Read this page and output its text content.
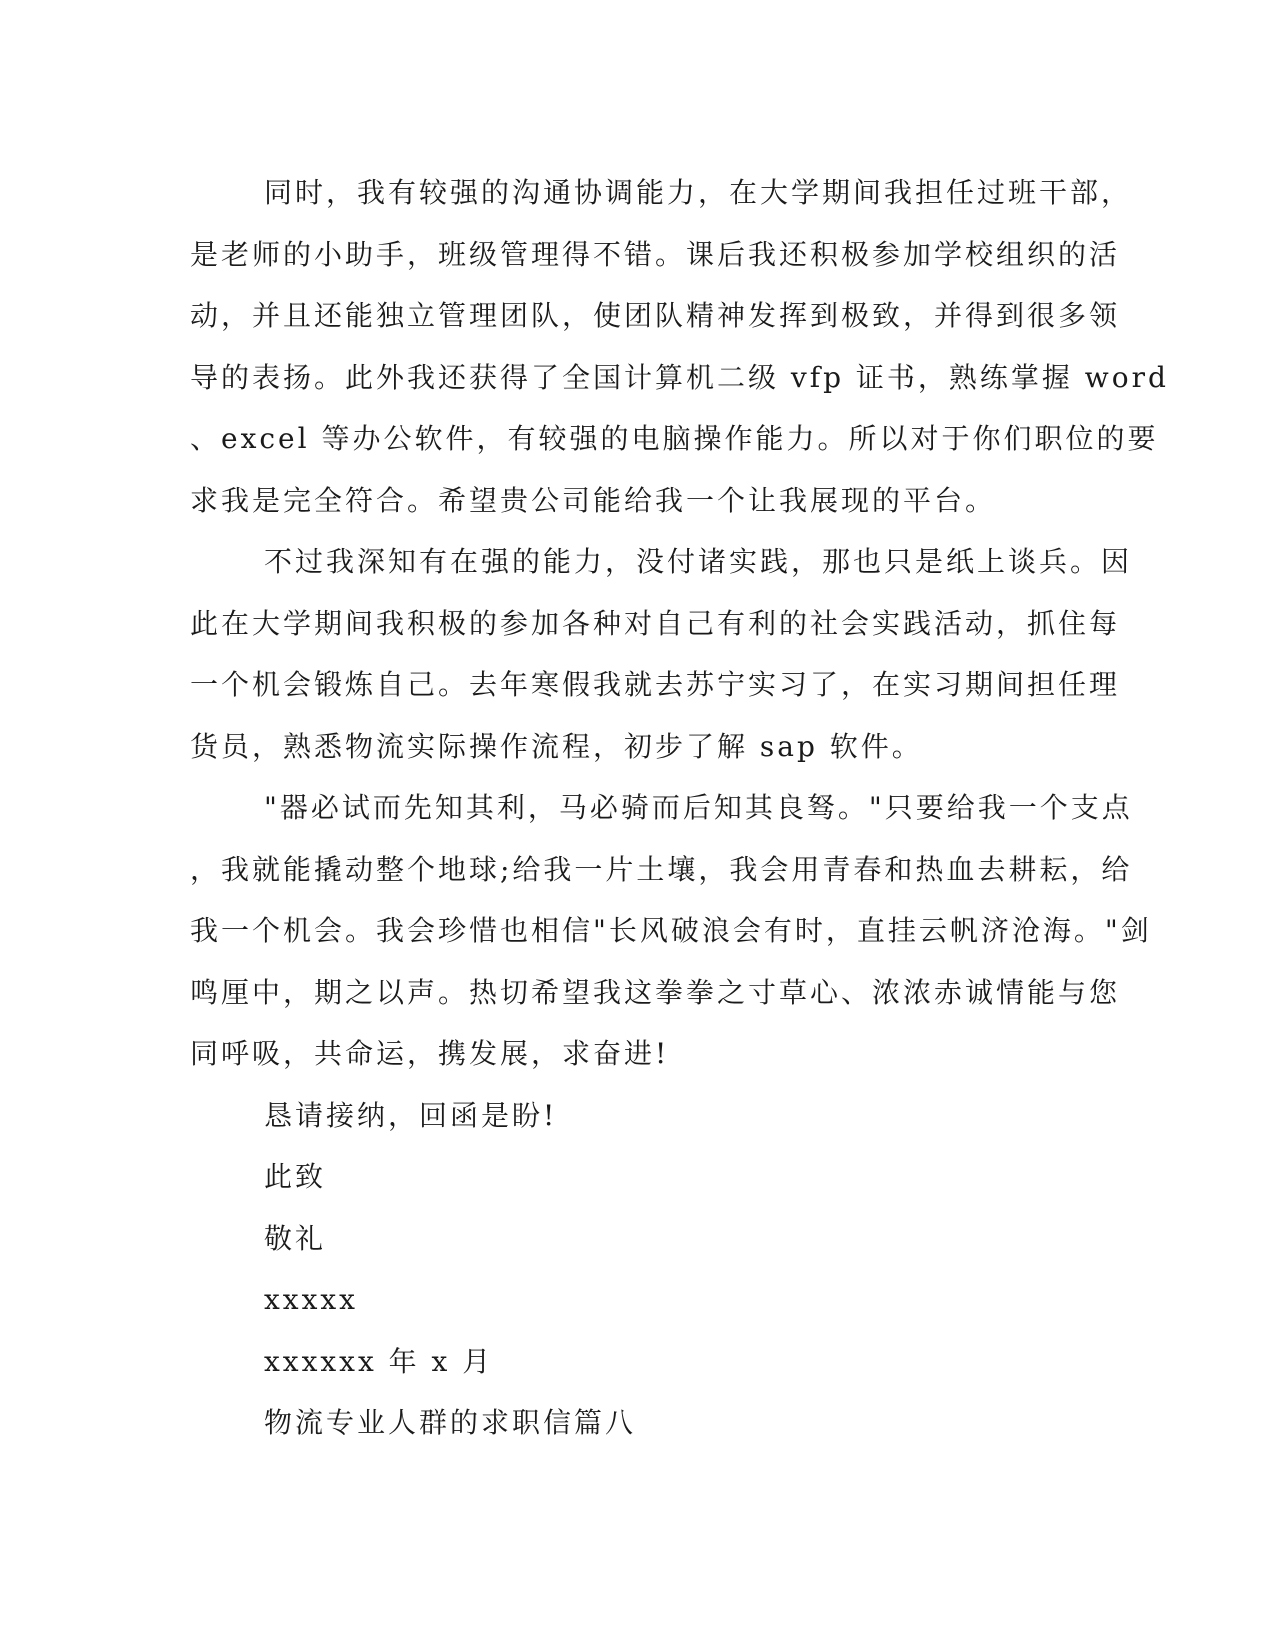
同时，我有较强的沟通协调能力，在大学期间我担任过班干部，
是老师的小助手，班级管理得不错。课后我还积极参加学校组织的活
动，并且还能独立管理团队，使团队精神发挥到极致，并得到很多领
导的表扬。此外我还获得了全国计算机二级 vfp 证书，熟练掌握 word
、excel 等办公软件，有较强的电脑操作能力。所以对于你们职位的要
求我是完全符合。希望贵公司能给我一个让我展现的平台。
不过我深知有在强的能力，没付诸实践，那也只是纸上谈兵。因
此在大学期间我积极的参加各种对自己有利的社会实践活动，抓住每
一个机会锻炼自己。去年寒假我就去苏宁实习了，在实习期间担任理
货员，熟悉物流实际操作流程，初步了解 sap 软件。
"器必试而先知其利，马必骑而后知其良驽。"只要给我一个支点
，我就能撬动整个地球;给我一片土壤，我会用青春和热血去耕耘，给
我一个机会。我会珍惜也相信"长风破浪会有时，直挂云帆济沧海。"剑
鸣厘中，期之以声。热切希望我这拳拳之寸草心、浓浓赤诚情能与您
同呼吸，共命运，携发展，求奋进!
恳请接纳，回函是盼!
此致
敬礼
xxxxx
xxxxxx 年 x 月
物流专业人群的求职信篇八
